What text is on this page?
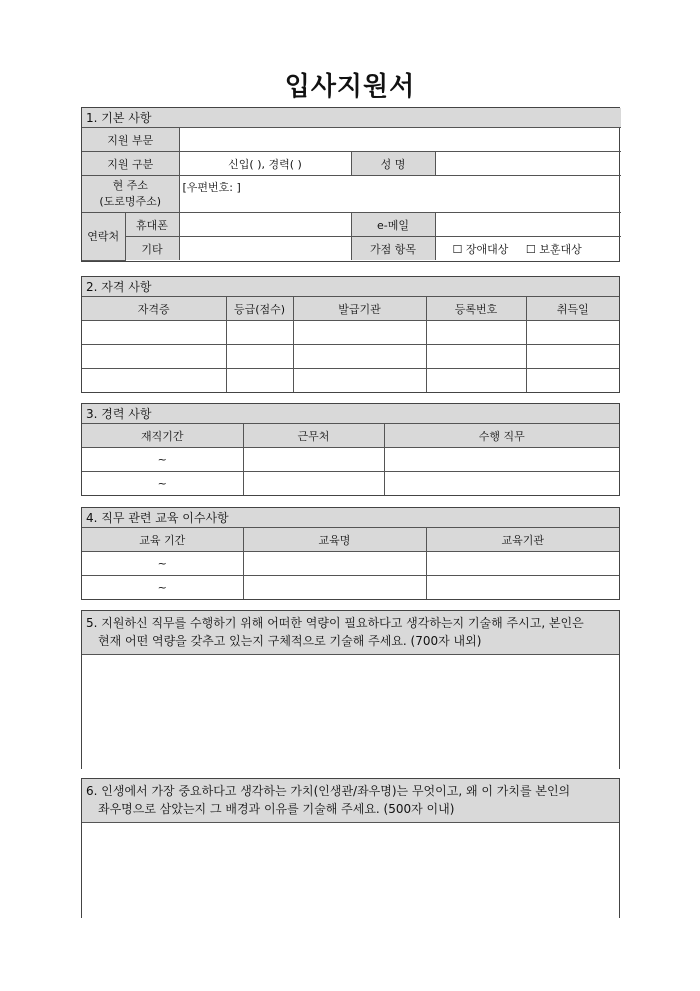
입사지원서
1. 기본 사항				
지원 부문				
지원 구분		신입( ), 경력( )	성 명	
현 주소
(도로명주소)		[우편번호: ]		
연락처	휴대폰		e-메일	
	기타		가점 항목	☐ 장애대상 ☐ 보훈대상
2. 자격 사항				
자격증	등급(점수)	발급기관	등록번호	취득일

3. 경력 사항		
재직기간	근무처	수행 직무
~		
~		
4. 직무 관련 교육 이수사항		
교육 기간	교육명	교육기관
~		
~		
5. 지원하신 직무를 수행하기 위해 어떠한 역량이 필요하다고 생각하는지 기술해 주시고, 본인은
현재 어떤 역량을 갖추고 있는지 구체적으로 기술해 주세요. (700자 내외)
6. 인생에서 가장 중요하다고 생각하는 가치(인생관/좌우명)는 무엇이고, 왜 이 가치를 본인의
좌우명으로 삼았는지 그 배경과 이유를 기술해 주세요. (500자 이내)
